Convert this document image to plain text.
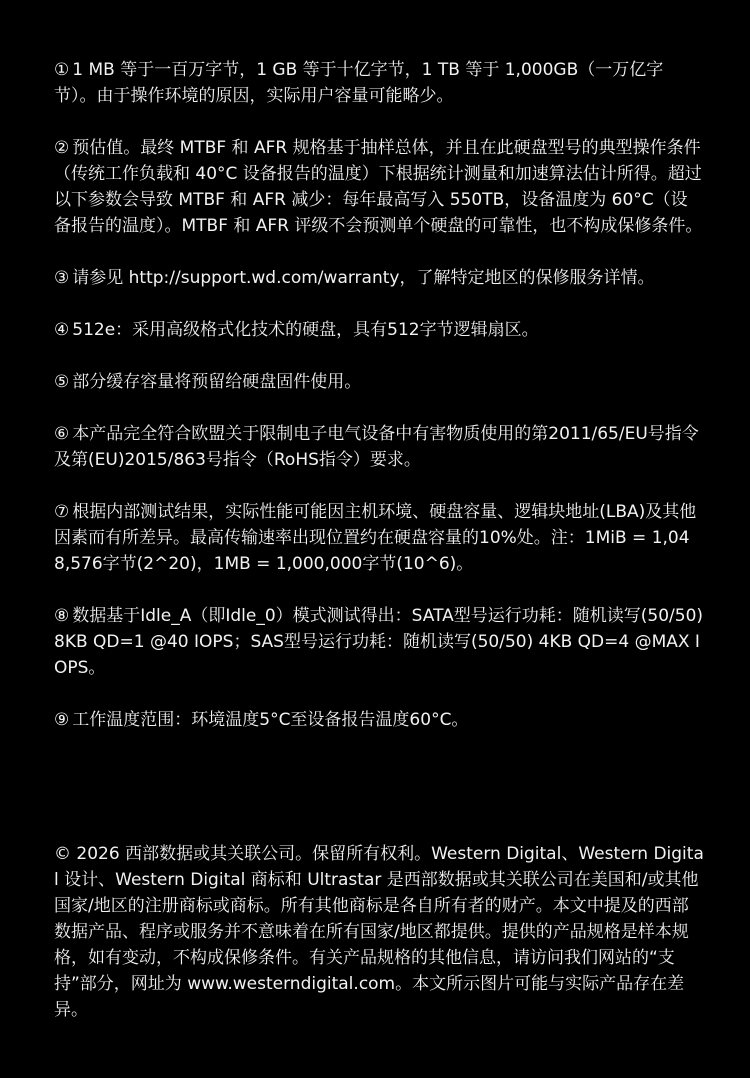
① 1 MB 等于一百万字节，1 GB 等于十亿字节，1 TB 等于 1,000GB（一万亿字节）。由于操作环境的原因，实际用户容量可能略少。

② 预估值。最终 MTBF 和 AFR 规格基于抽样总体，并且在此硬盘型号的典型操作条件（传统工作负载和 40°C 设备报告的温度）下根据统计测量和加速算法估计所得。超过以下参数会导致 MTBF 和 AFR 减少：每年最高写入 550TB，设备温度为 60°C（设备报告的温度）。MTBF 和 AFR 评级不会预测单个硬盘的可靠性，也不构成保修条件。

③ 请参见 http://support.wd.com/warranty，了解特定地区的保修服务详情。

④ 512e：采用高级格式化技术的硬盘，具有512字节逻辑扇区。

⑤ 部分缓存容量将预留给硬盘固件使用。

⑥ 本产品完全符合欧盟关于限制电子电气设备中有害物质使用的第2011/65/EU号指令及第(EU)2015/863号指令（RoHS指令）要求。

⑦ 根据内部测试结果，实际性能可能因主机环境、硬盘容量、逻辑块地址(LBA)及其他因素而有所差异。最高传输速率出现位置约在硬盘容量的10%处。注：1MiB = 1,048,576字节(2^20)，1MB = 1,000,000字节(10^6)。

⑧ 数据基于Idle_A（即Idle_0）模式测试得出：SATA型号运行功耗：随机读写(50/50) 8KB QD=1 @40 IOPS；SAS型号运行功耗：随机读写(50/50) 4KB QD=4 @MAX IOPS。

⑨ 工作温度范围：环境温度5°C至设备报告温度60°C。

© 2026 西部数据或其关联公司。保留所有权利。Western Digital、Western Digital 设计、Western Digital 商标和 Ultrastar 是西部数据或其关联公司在美国和/或其他国家/地区的注册商标或商标。所有其他商标是各自所有者的财产。本文中提及的西部数据产品、程序或服务并不意味着在所有国家/地区都提供。提供的产品规格是样本规格，如有变动，不构成保修条件。有关产品规格的其他信息，请访问我们网站的“支持”部分，网址为 www.westerndigital.com。本文所示图片可能与实际产品存在差异。
